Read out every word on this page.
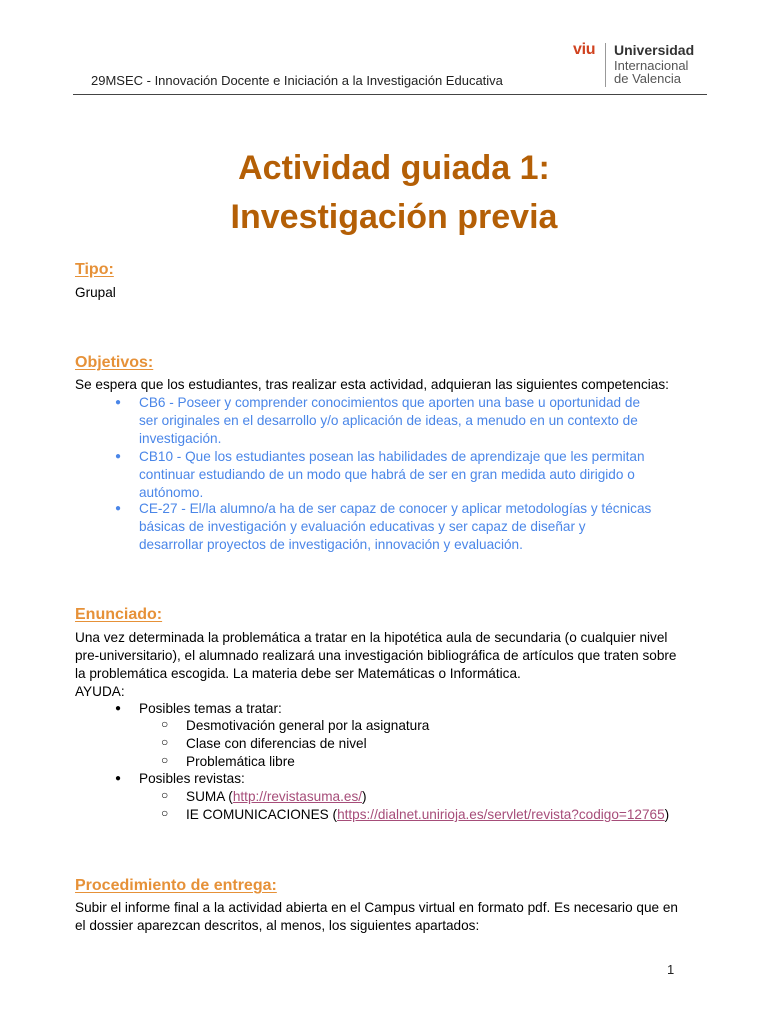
29MSEC - Innovación Docente e Iniciación a la Investigación Educativa
viu Universidad
Internacional
de Valencia
Actividad guiada 1:
Investigación previa
Tipo:
Grupal
Objetivos:
Se espera que los estudiantes, tras realizar esta actividad, adquieran las siguientes competencias:
● CB6 - Poseer y comprender conocimientos que aporten una base u oportunidad de
ser originales en el desarrollo y/o aplicación de ideas, a menudo en un contexto de
investigación.
● CB10 - Que los estudiantes posean las habilidades de aprendizaje que les permitan
continuar estudiando de un modo que habrá de ser en gran medida auto dirigido o
autónomo.
● CE-27 - El/la alumno/a ha de ser capaz de conocer y aplicar metodologías y técnicas
básicas de investigación y evaluación educativas y ser capaz de diseñar y
desarrollar proyectos de investigación, innovación y evaluación.
Enunciado:
Una vez determinada la problemática a tratar en la hipotética aula de secundaria (o cualquier nivel
pre-universitario), el alumnado realizará una investigación bibliográfica de artículos que traten sobre
la problemática escogida. La materia debe ser Matemáticas o Informática.
AYUDA:
● Posibles temas a tratar:
○ Desmotivación general por la asignatura
○ Clase con diferencias de nivel
○ Problemática libre
● Posibles revistas:
○ SUMA (http://revistasuma.es/)
○ IE COMUNICACIONES (https://dialnet.unirioja.es/servlet/revista?codigo=12765)
Procedimiento de entrega:
Subir el informe final a la actividad abierta en el Campus virtual en formato pdf. Es necesario que en
el dossier aparezcan descritos, al menos, los siguientes apartados:
1
